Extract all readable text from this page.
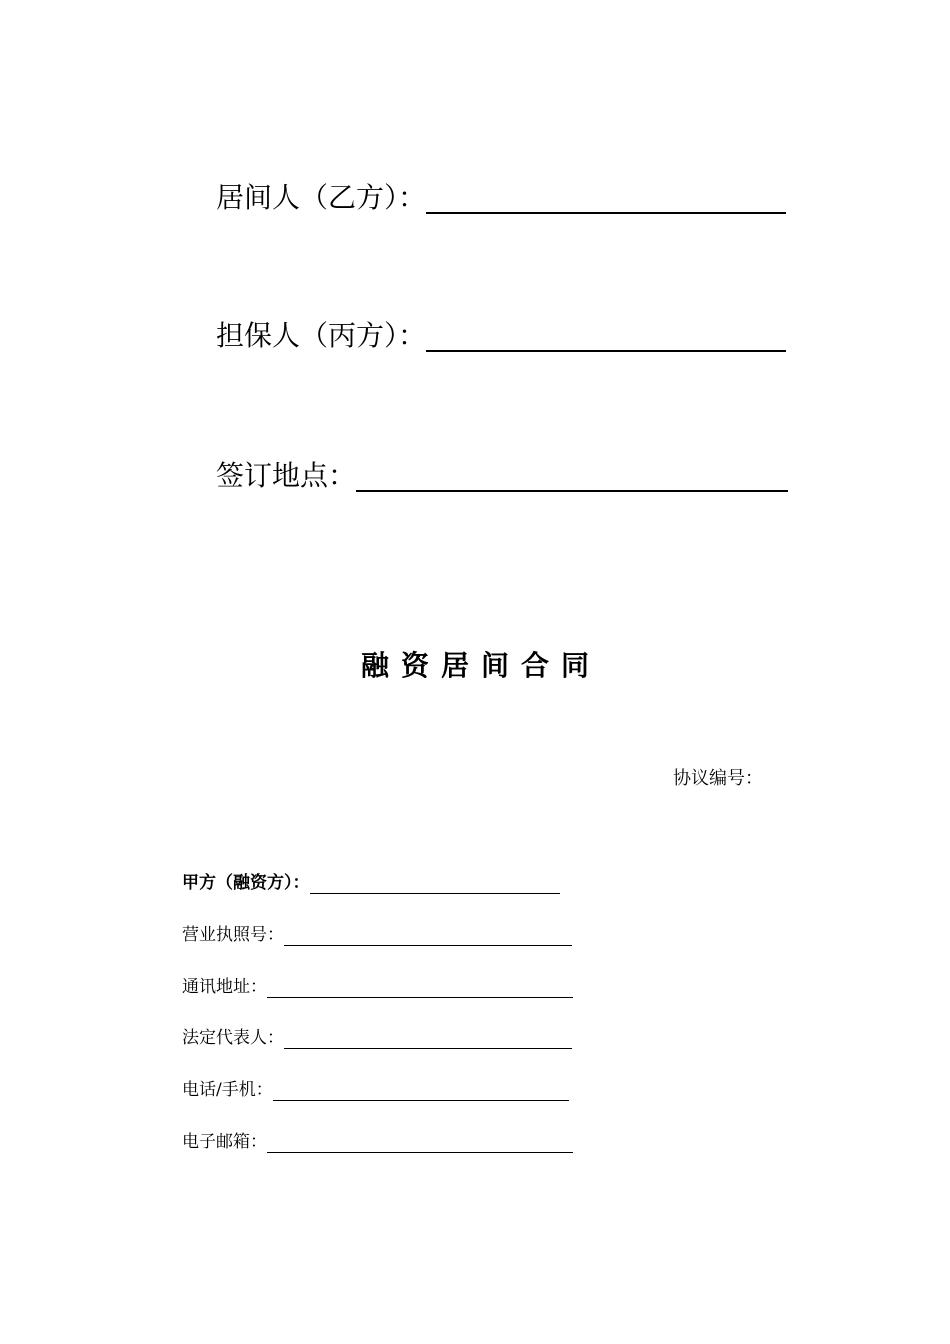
居间人（乙方）：
担保人（丙方）：
签订地点：
融资居间合同
协议编号：
甲方（融资方）：
营业执照号：
通讯地址：
法定代表人：
电话/手机：
电子邮箱：
